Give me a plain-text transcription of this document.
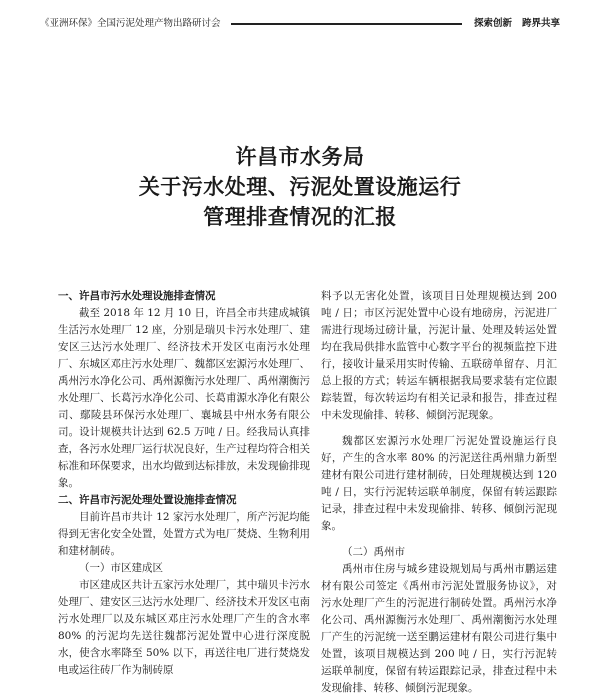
《亚洲环保》全国污泥处理产物出路研讨会	探索创新 跨界共享
许昌市水务局
关于污水处理、污泥处置设施运行
管理排查情况的汇报

一、许昌市污水处理设施排查情况

截至 2018 年 12 月 10 日，许昌全市共建成城镇生活污水处理厂 12 座，分别是瑞贝卡污水处理厂、建安区三达污水处理厂、经济技术开发区屯南污水处理厂、东城区邓庄污水处理厂、魏都区宏源污水处理厂、禹州污水净化公司、禹州源衡污水处理厂、禹州潮衡污水处理厂、长葛污水净化公司、长葛甫源水净化有限公司、鄢陵县环保污水处理厂、襄城县中州水务有限公司。设计规模共计达到 62.5 万吨 / 日。经我局认真排查，各污水处理厂运行状况良好，生产过程均符合相关标准和环保要求，出水均做到达标排放，未发现偷排现象。

二、许昌市污泥处理处置设施排查情况

目前许昌市共计 12 家污水处理厂，所产污泥均能得到无害化安全处置，处置方式为电厂焚烧、生物利用和建材制砖。

（一）市区建成区

市区建成区共计五家污水处理厂，其中瑞贝卡污水处理厂、建安区三达污水处理厂、经济技术开发区屯南污水处理厂以及东城区邓庄污水处理厂产生的含水率 80% 的污泥均先送往魏都污泥处置中心进行深度脱水，使含水率降至 50% 以下，再送往电厂进行焚烧发电或运往砖厂作为制砖原

料予以无害化处置，该项目日处理规模达到 200 吨 / 日；市区污泥处置中心设有地磅房，污泥进厂需进行现场过磅计量，污泥计量、处理及转运处置均在我局供排水监管中心数字平台的视频监控下进行，接收计量采用实时传输、五联磅单留存、月汇总上报的方式；转运车辆根据我局要求装有定位跟踪装置，每次转运均有相关记录和报告，排查过程中未发现偷排、转移、倾倒污泥现象。

魏都区宏源污水处理厂污泥处置设施运行良好，产生的含水率 80% 的污泥送往禹州鼎力新型建材有限公司进行建材制砖，日处理规模达到 120 吨 / 日，实行污泥转运联单制度，保留有转运跟踪记录，排查过程中未发现偷排、转移、倾倒污泥现象。

（二）禹州市

禹州市住房与城乡建设规划局与禹州市鹏运建材有限公司签定《禹州市污泥处置服务协议》，对污水处理厂产生的污泥进行制砖处置。禹州污水净化公司、禹州源衡污水处理厂、禹州潮衡污水处理厂产生的污泥统一送至鹏运建材有限公司进行集中处置，该项目规模达到 200 吨 / 日，实行污泥转运联单制度，保留有转运跟踪记录，排查过程中未发现偷排、转移、倾倒污泥现象。
